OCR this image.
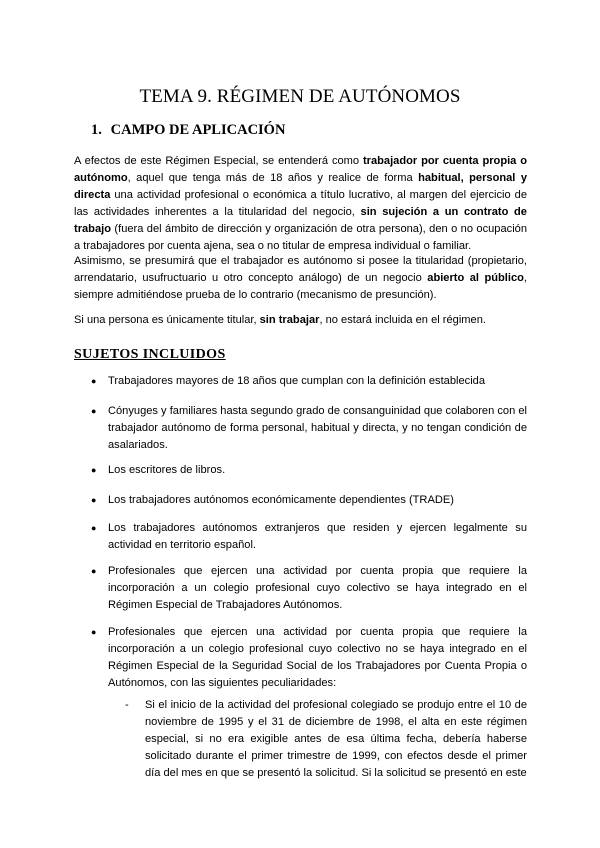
TEMA 9. RÉGIMEN DE AUTÓNOMOS
1. CAMPO DE APLICACIÓN
A efectos de este Régimen Especial, se entenderá como trabajador por cuenta propia o autónomo, aquel que tenga más de 18 años y realice de forma habitual, personal y directa una actividad profesional o económica a título lucrativo, al margen del ejercicio de las actividades inherentes a la titularidad del negocio, sin sujeción a un contrato de trabajo (fuera del ámbito de dirección y organización de otra persona), den o no ocupación a trabajadores por cuenta ajena, sea o no titular de empresa individual o familiar.
Asimismo, se presumirá que el trabajador es autónomo si posee la titularidad (propietario, arrendatario, usufructuario u otro concepto análogo) de un negocio abierto al público, siempre admitiéndose prueba de lo contrario (mecanismo de presunción).
Si una persona es únicamente titular, sin trabajar, no estará incluida en el régimen.
SUJETOS INCLUIDOS
● Trabajadores mayores de 18 años que cumplan con la definición establecida
● Cónyuges y familiares hasta segundo grado de consanguinidad que colaboren con el trabajador autónomo de forma personal, habitual y directa, y no tengan condición de asalariados.
● Los escritores de libros.
● Los trabajadores autónomos económicamente dependientes (TRADE)
● Los trabajadores autónomos extranjeros que residen y ejercen legalmente su actividad en territorio español.
● Profesionales que ejercen una actividad por cuenta propia que requiere la incorporación a un colegio profesional cuyo colectivo se haya integrado en el Régimen Especial de Trabajadores Autónomos.
● Profesionales que ejercen una actividad por cuenta propia que requiere la incorporación a un colegio profesional cuyo colectivo no se haya integrado en el Régimen Especial de la Seguridad Social de los Trabajadores por Cuenta Propia o Autónomos, con las siguientes peculiaridades:
- Si el inicio de la actividad del profesional colegiado se produjo entre el 10 de noviembre de 1995 y el 31 de diciembre de 1998, el alta en este régimen especial, si no era exigible antes de esa última fecha, debería haberse solicitado durante el primer trimestre de 1999, con efectos desde el primer día del mes en que se presentó la solicitud. Si la solicitud se presentó en este
